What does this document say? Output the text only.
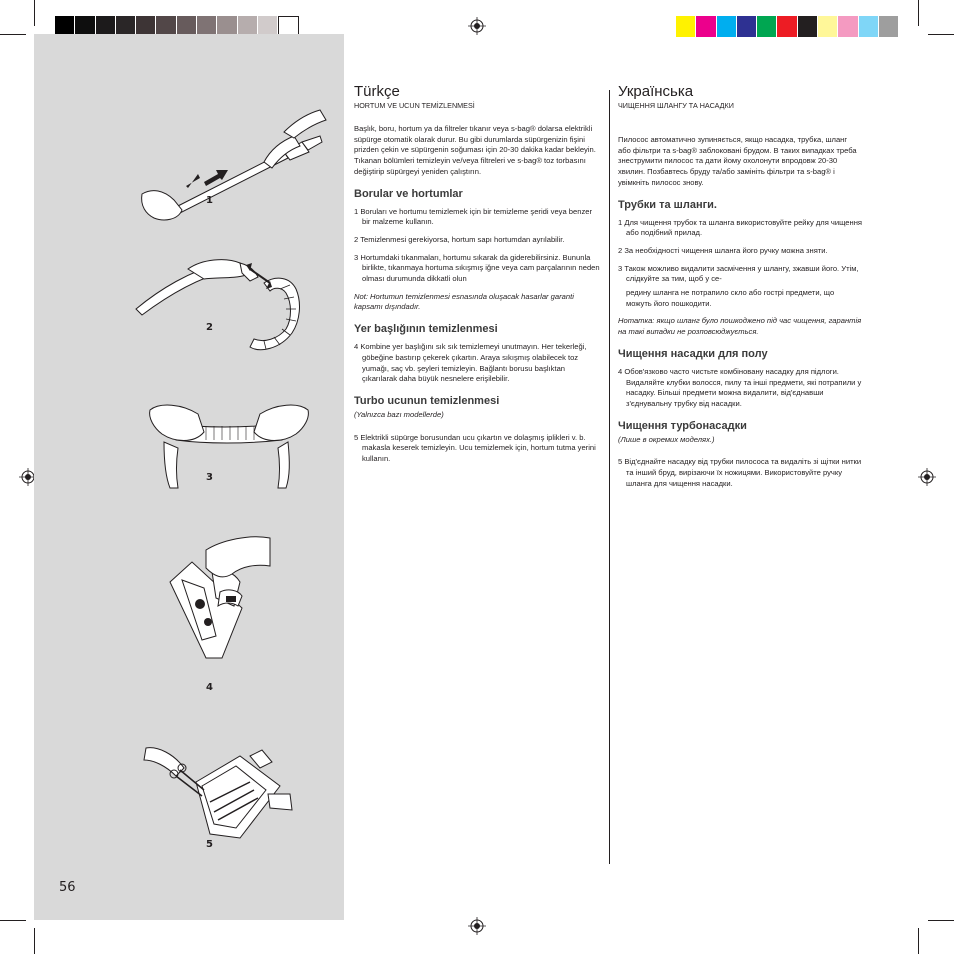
1
2
3
4
5
56
Türkçe
HORTUM VE UCUN TEMİZLENMESİ
Başlık, boru, hortum ya da filtreler tıkanır veya s-bag® dolarsa elektrikli süpürge otomatik olarak durur. Bu gibi durumlarda süpürgenizin fişini prizden çekin ve süpürgenin soğuması için 20-30 dakika kadar bekleyin. Tıkanan bölümleri temizleyin ve/veya filtreleri ve s-bag® toz torbasını değiştirip süpürgeyi yeniden çalıştırın.
Borular ve hortumlar
1 Boruları ve hortumu temizlemek için bir temizleme şeridi veya benzer bir malzeme kullanın.
2 Temizlenmesi gerekiyorsa, hortum sapı hortumdan ayrılabilir.
3 Hortumdaki tıkanmaları, hortumu sıkarak da giderebilirsiniz. Bununla birlikte, tıkanmaya hortuma sıkışmış iğne veya cam parçalarının neden olması durumunda dikkatli olun
Not: Hortumun temizlenmesi esnasında oluşacak hasarlar garanti kapsamı dışındadır.
Yer başlığının temizlenmesi
4 Kombine yer başlığını sık sık temizlemeyi unutmayın. Her tekerleği, göbeğine bastırıp çekerek çıkartın. Araya sıkışmış olabilecek toz yumağı, saç vb. şeyleri temizleyin. Bağlantı borusu başlıktan çıkarılarak daha büyük nesnelere erişilebilir.
Turbo ucunun temizlenmesi
(Yalnızca bazı modellerde)
5 Elektrikli süpürge borusundan ucu çıkartın ve dolaşmış iplikleri v. b. makasla keserek temizleyin. Ucu temizlemek için, hortum tutma yerini kullanın.
Українська
ЧИЩЕННЯ ШЛАНГУ ТА НАСАДКИ
Пилосос автоматично зупиняється, якщо насадка, трубка, шланг або фільтри та s-bag® заблоковані брудом. В таких випадках треба знеструмити пилосос та дати йому охолонути впродовж 20-30 хвилин. Позбавтесь бруду та/або замініть фільтри та s-bag® і увімкніть пилосос знову.
Трубки та шланги.
1 Для чищення трубок та шланга використовуйте рейку для чищення або подібний прилад.
2 За необхідності чищення шланга його ручку можна зняти.
3 Також можливо видалити засмічення у шлангу, зжавши його. Утім, слідкуйте за тим, щоб у се-
редину шланга не потрапило скло або гострі предмети, що можуть його пошкодити.
Нотатка: якщо шланг було пошкоджено під час чищення, гарантія на такі випадки не розповсюджується.
Чищення насадки для полу
4 Обов'язково часто чистьте комбіновану насадку для підлоги. Видаляйте клубки волосся, пилу та інші предмети, які потрапили у насадку. Більші предмети можна видалити, від'єднавши з'єднувальну трубку від насадки.
Чищення турбонасадки
(Лише в окремих моделях.)
5 Від'єднайте насадку від трубки пилососа та видаліть зі щітки нитки та інший бруд, вирізаючи їх ножицями. Використовуйте ручку шланга для чищення насадки.
